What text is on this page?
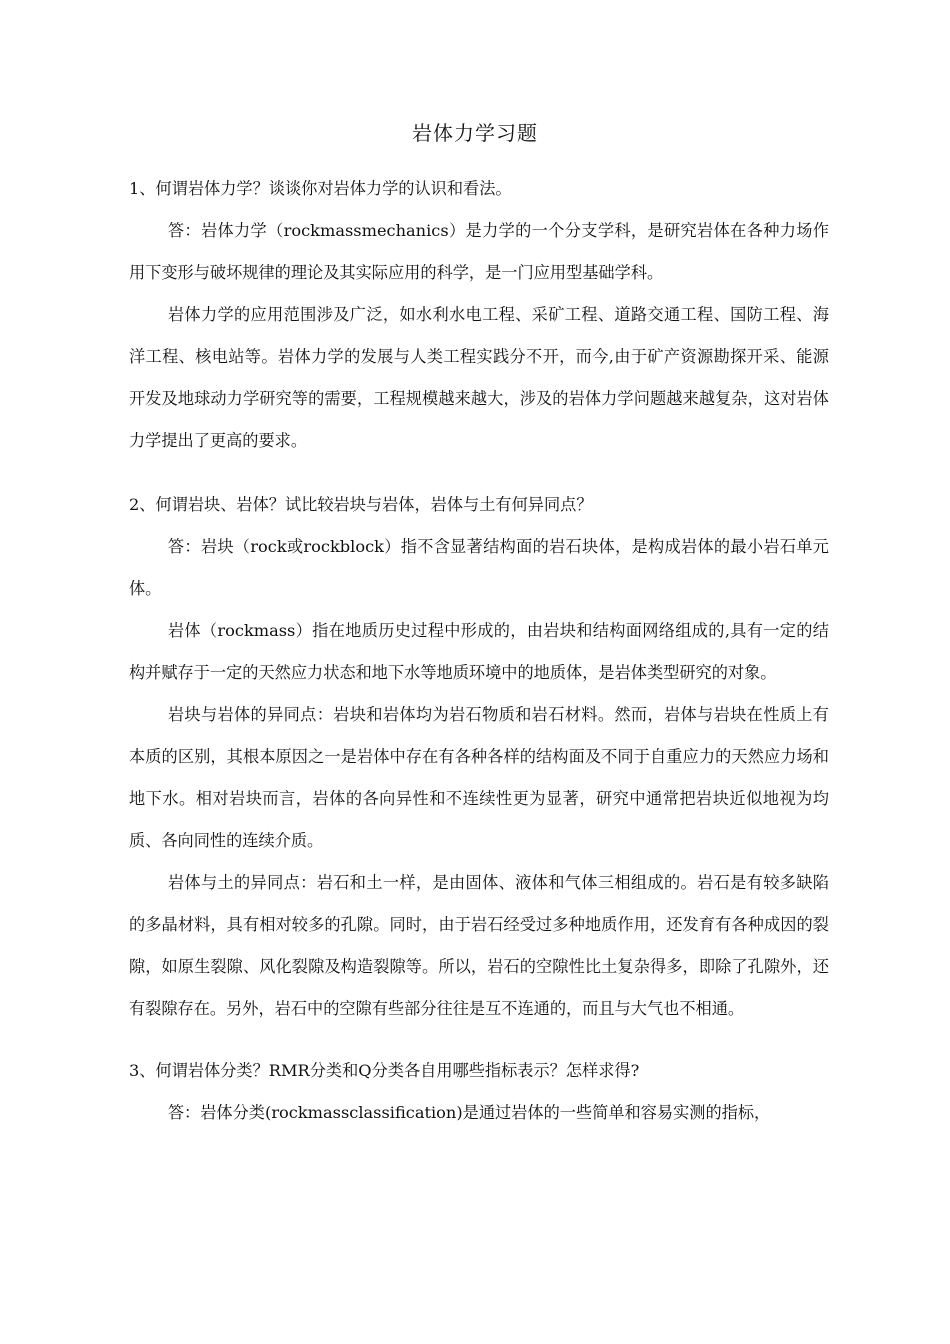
岩体力学习题

1、何谓岩体力学？谈谈你对岩体力学的认识和看法。

答：岩体力学（rockmassmechanics）是力学的一个分支学科，是研究岩体在各种力场作用下变形与破坏规律的理论及其实际应用的科学，是一门应用型基础学科。

岩体力学的应用范围涉及广泛，如水利水电工程、采矿工程、道路交通工程、国防工程、海洋工程、核电站等。岩体力学的发展与人类工程实践分不开，而今,由于矿产资源勘探开采、能源开发及地球动力学研究等的需要，工程规模越来越大，涉及的岩体力学问题越来越复杂，这对岩体力学提出了更高的要求。

2、何谓岩块、岩体？试比较岩块与岩体，岩体与土有何异同点？

答：岩块（rock或rockblock）指不含显著结构面的岩石块体，是构成岩体的最小岩石单元体。

岩体（rockmass）指在地质历史过程中形成的，由岩块和结构面网络组成的,具有一定的结构并赋存于一定的天然应力状态和地下水等地质环境中的地质体，是岩体类型研究的对象。

岩块与岩体的异同点：岩块和岩体均为岩石物质和岩石材料。然而，岩体与岩块在性质上有本质的区别，其根本原因之一是岩体中存在有各种各样的结构面及不同于自重应力的天然应力场和地下水。相对岩块而言，岩体的各向异性和不连续性更为显著，研究中通常把岩块近似地视为均质、各向同性的连续介质。

岩体与土的异同点：岩石和土一样，是由固体、液体和气体三相组成的。岩石是有较多缺陷的多晶材料，具有相对较多的孔隙。同时，由于岩石经受过多种地质作用，还发育有各种成因的裂隙，如原生裂隙、风化裂隙及构造裂隙等。所以，岩石的空隙性比土复杂得多，即除了孔隙外，还有裂隙存在。另外，岩石中的空隙有些部分往往是互不连通的，而且与大气也不相通。

3、何谓岩体分类？RMR分类和Q分类各自用哪些指标表示？怎样求得?

答：岩体分类(rockmassclassification)是通过岩体的一些简单和容易实测的指标，
